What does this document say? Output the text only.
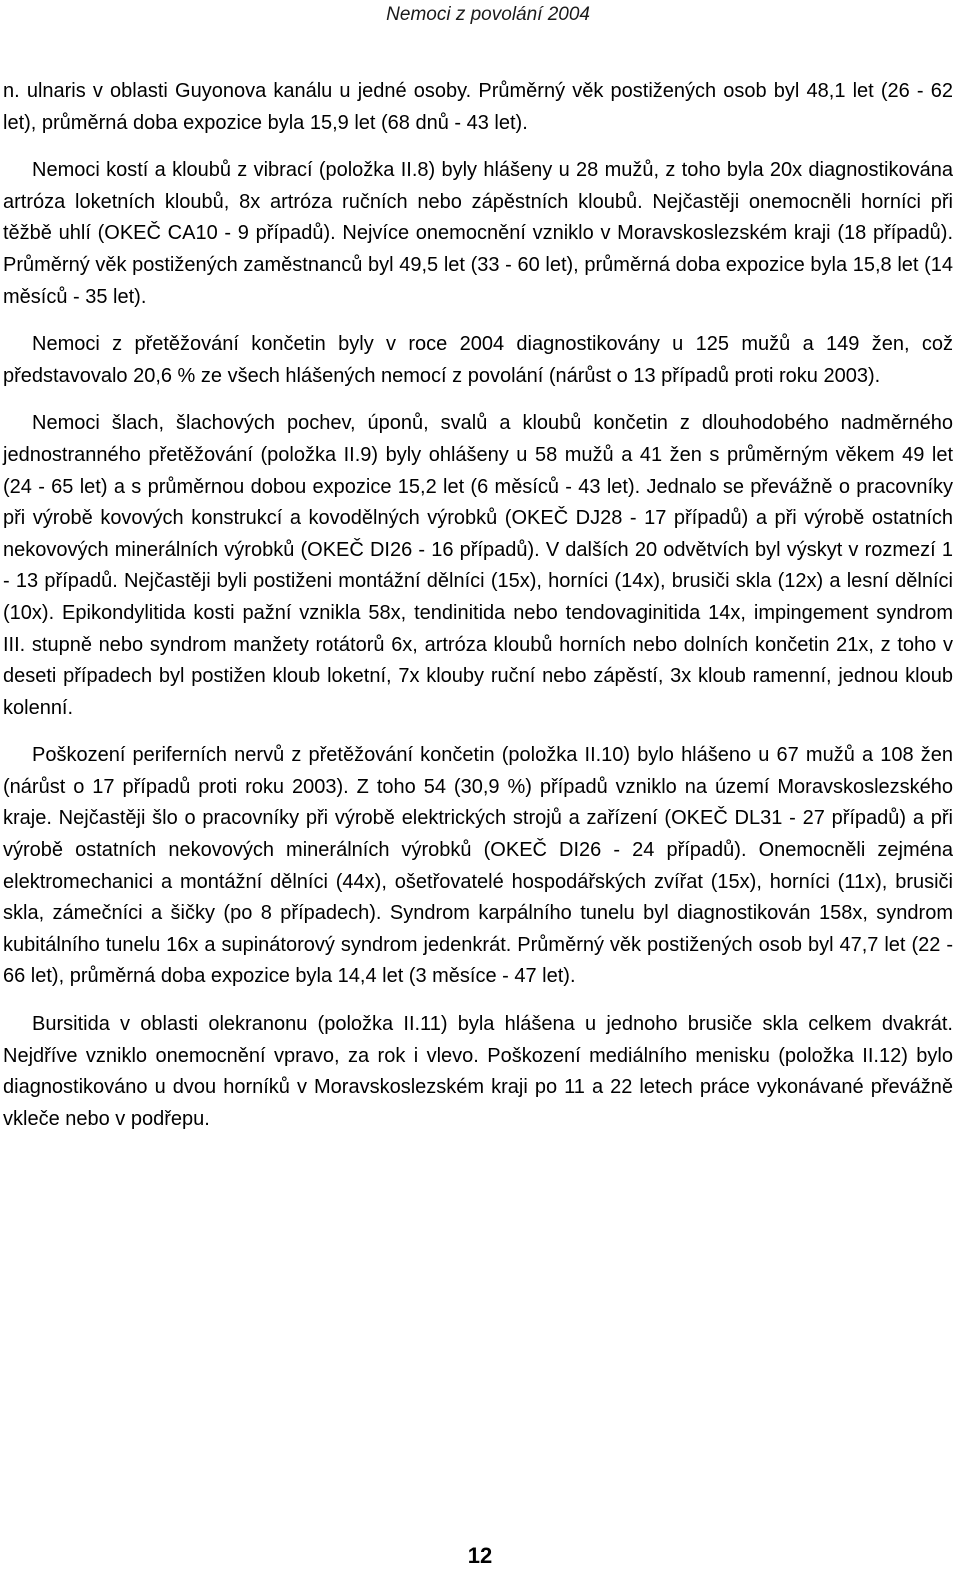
Nemoci z povolání 2004

n. ulnaris v oblasti Guyonova kanálu u jedné osoby. Průměrný věk postižených osob byl 48,1 let (26 - 62 let), průměrná doba expozice byla 15,9 let (68 dnů - 43 let).

Nemoci kostí a kloubů z vibrací (položka II.8) byly hlášeny u 28 mužů, z toho byla 20x diagnostikována artróza loketních kloubů, 8x artróza ručních nebo zápěstních kloubů. Nejčastěji onemocněli horníci při těžbě uhlí (OKEČ CA10 - 9 případů). Nejvíce onemocnění vzniklo v Moravskoslezském kraji (18 případů). Průměrný věk postižených zaměstnanců byl 49,5 let (33 - 60 let), průměrná doba expozice byla 15,8 let (14 měsíců - 35 let).

Nemoci z přetěžování končetin byly v roce 2004 diagnostikovány u 125 mužů a 149 žen, což představovalo 20,6 % ze všech hlášených nemocí z povolání (nárůst o 13 případů proti roku 2003).

Nemoci šlach, šlachových pochev, úponů, svalů a kloubů končetin z dlouhodobého nadměrného jednostranného přetěžování (položka II.9) byly ohlášeny u 58 mužů a 41 žen s průměrným věkem 49 let (24 - 65 let) a s průměrnou dobou expozice 15,2 let (6 měsíců - 43 let). Jednalo se převážně o pracovníky při výrobě kovových konstrukcí a kovodělných výrobků (OKEČ DJ28 - 17 případů) a při výrobě ostatních nekovových minerálních výrobků (OKEČ DI26 - 16 případů). V dalších 20 odvětvích byl výskyt v rozmezí 1 - 13 případů. Nejčastěji byli postiženi montážní dělníci (15x), horníci (14x), brusiči skla (12x) a lesní dělníci (10x). Epikondylitida kosti pažní vznikla 58x, tendinitida nebo tendovaginitida 14x, impingement syndrom III. stupně nebo syndrom manžety rotátorů 6x, artróza kloubů horních nebo dolních končetin 21x, z toho v deseti případech byl postižen kloub loketní, 7x klouby ruční nebo zápěstí, 3x kloub ramenní, jednou kloub kolenní.

Poškození periferních nervů z přetěžování končetin (položka II.10) bylo hlášeno u 67 mužů a 108 žen (nárůst o 17 případů proti roku 2003). Z toho 54 (30,9 %) případů vzniklo na území Moravskoslezského kraje. Nejčastěji šlo o pracovníky při výrobě elektrických strojů a zařízení (OKEČ DL31 - 27 případů) a při výrobě ostatních nekovových minerálních výrobků (OKEČ DI26 - 24 případů). Onemocněli zejména elektromechanici a montážní dělníci (44x), ošetřovatelé hospodářských zvířat (15x), horníci (11x), brusiči skla, zámečníci a šičky (po 8 případech). Syndrom karpálního tunelu byl diagnostikován 158x, syndrom kubitálního tunelu 16x a supinátorový syndrom jedenkrát. Průměrný věk postižených osob byl 47,7 let (22 - 66 let), průměrná doba expozice byla 14,4 let (3 měsíce - 47 let).

Bursitida v oblasti olekranonu (položka II.11) byla hlášena u jednoho brusiče skla celkem dvakrát. Nejdříve vzniklo onemocnění vpravo, za rok i vlevo. Poškození mediálního menisku (položka II.12) bylo diagnostikováno u dvou horníků v Moravskoslezském kraji po 11 a 22 letech práce vykonávané převážně vkleče nebo v podřepu.

12
